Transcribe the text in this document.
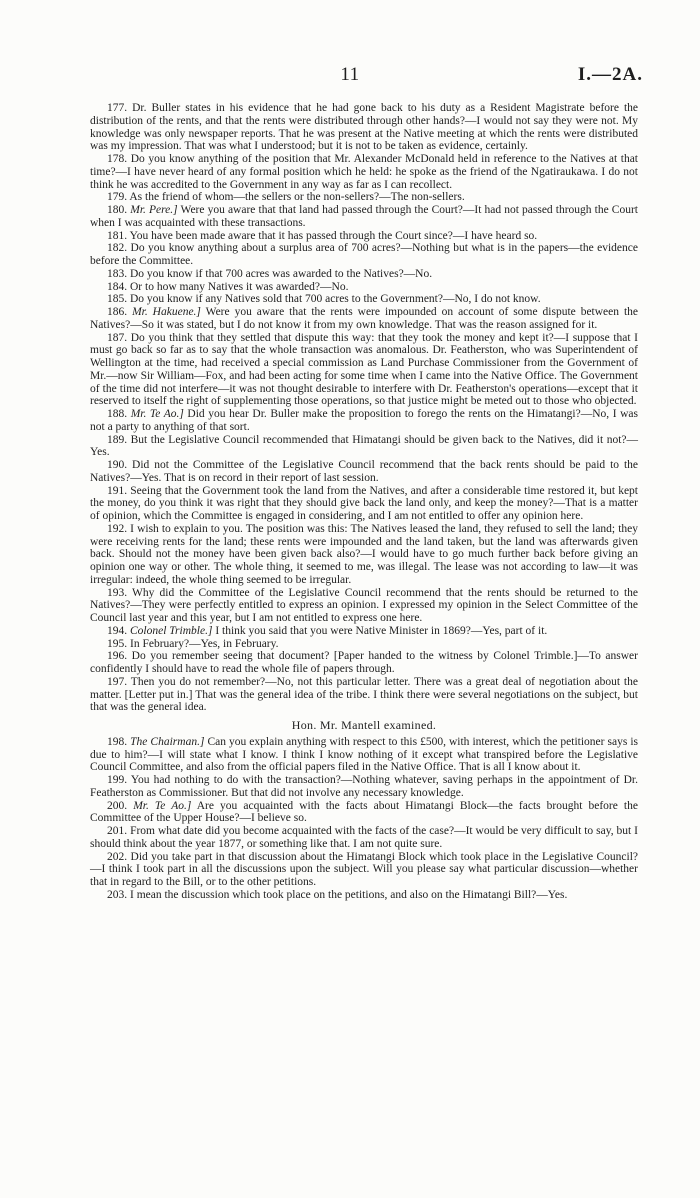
11	I.—2A.

177. Dr. Buller states in his evidence that he had gone back to his duty as a Resident Magistrate before the distribution of the rents, and that the rents were distributed through other hands?—I would not say they were not. My knowledge was only newspaper reports. That he was present at the Native meeting at which the rents were distributed was my impression. That was what I understood; but it is not to be taken as evidence, certainly.

178. Do you know anything of the position that Mr. Alexander McDonald held in reference to the Natives at that time?—I have never heard of any formal position which he held: he spoke as the friend of the Ngatiraukawa. I do not think he was accredited to the Government in any way as far as I can recollect.

179. As the friend of whom—the sellers or the non-sellers?—The non-sellers.

180. Mr. Pere.] Were you aware that that land had passed through the Court?—It had not passed through the Court when I was acquainted with these transactions.

181. You have been made aware that it has passed through the Court since?—I have heard so.

182. Do you know anything about a surplus area of 700 acres?—Nothing but what is in the papers—the evidence before the Committee.

183. Do you know if that 700 acres was awarded to the Natives?—No.

184. Or to how many Natives it was awarded?—No.

185. Do you know if any Natives sold that 700 acres to the Government?—No, I do not know.

186. Mr. Hakuene.] Were you aware that the rents were impounded on account of some dispute between the Natives?—So it was stated, but I do not know it from my own knowledge. That was the reason assigned for it.

187. Do you think that they settled that dispute this way: that they took the money and kept it?—I suppose that I must go back so far as to say that the whole transaction was anomalous. Dr. Featherston, who was Superintendent of Wellington at the time, had received a special commission as Land Purchase Commissioner from the Government of Mr.—now Sir William—Fox, and had been acting for some time when I came into the Native Office. The Government of the time did not interfere—it was not thought desirable to interfere with Dr. Featherston's operations—except that it reserved to itself the right of supplementing those operations, so that justice might be meted out to those who objected.

188. Mr. Te Ao.] Did you hear Dr. Buller make the proposition to forego the rents on the Himatangi?—No, I was not a party to anything of that sort.

189. But the Legislative Council recommended that Himatangi should be given back to the Natives, did it not?—Yes.

190. Did not the Committee of the Legislative Council recommend that the back rents should be paid to the Natives?—Yes. That is on record in their report of last session.

191. Seeing that the Government took the land from the Natives, and after a considerable time restored it, but kept the money, do you think it was right that they should give back the land only, and keep the money?—That is a matter of opinion, which the Committee is engaged in considering, and I am not entitled to offer any opinion here.

192. I wish to explain to you. The position was this: The Natives leased the land, they refused to sell the land; they were receiving rents for the land; these rents were impounded and the land taken, but the land was afterwards given back. Should not the money have been given back also?—I would have to go much further back before giving an opinion one way or other. The whole thing, it seemed to me, was illegal. The lease was not according to law—it was irregular: indeed, the whole thing seemed to be irregular.

193. Why did the Committee of the Legislative Council recommend that the rents should be returned to the Natives?—They were perfectly entitled to express an opinion. I expressed my opinion in the Select Committee of the Council last year and this year, but I am not entitled to express one here.

194. Colonel Trimble.] I think you said that you were Native Minister in 1869?—Yes, part of it.

195. In February?—Yes, in February.

196. Do you remember seeing that document? [Paper handed to the witness by Colonel Trimble.]—To answer confidently I should have to read the whole file of papers through.

197. Then you do not remember?—No, not this particular letter. There was a great deal of negotiation about the matter. [Letter put in.] That was the general idea of the tribe. I think there were several negotiations on the subject, but that was the general idea.

Hon. Mr. Mantell examined.

198. The Chairman.] Can you explain anything with respect to this £500, with interest, which the petitioner says is due to him?—I will state what I know. I think I know nothing of it except what transpired before the Legislative Council Committee, and also from the official papers filed in the Native Office. That is all I know about it.

199. You had nothing to do with the transaction?—Nothing whatever, saving perhaps in the appointment of Dr. Featherston as Commissioner. But that did not involve any necessary knowledge.

200. Mr. Te Ao.] Are you acquainted with the facts about Himatangi Block—the facts brought before the Committee of the Upper House?—I believe so.

201. From what date did you become acquainted with the facts of the case?—It would be very difficult to say, but I should think about the year 1877, or something like that. I am not quite sure.

202. Did you take part in that discussion about the Himatangi Block which took place in the Legislative Council?—I think I took part in all the discussions upon the subject. Will you please say what particular discussion—whether that in regard to the Bill, or to the other petitions.

203. I mean the discussion which took place on the petitions, and also on the Himatangi Bill?—Yes.
